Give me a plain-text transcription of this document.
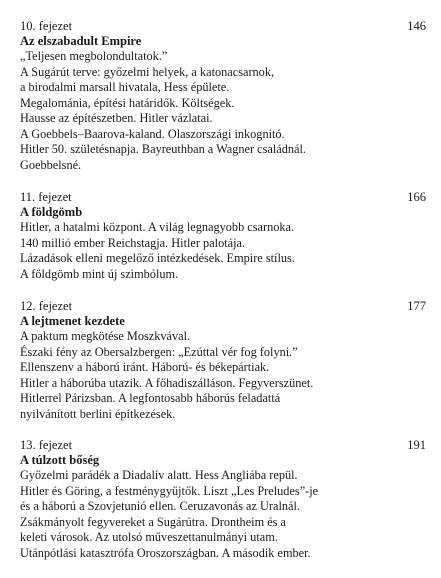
10. fejezet	146

Az elszabadult Empire

„Teljesen megbolondultatok.”

A Sugárút terve: győzelmi helyek, a katonacsarnok,

a birodalmi marsall hivatala, Hess épülete.

Megalománia, építési határidők. Költségek.

Hausse az építészetben. Hitler vázlatai.

A Goebbels–Baarova-kaland. Olaszországi inkognitó.

Hitler 50. születésnapja. Bayreuthban a Wagner családnál.

Goebbelsné.

11. fejezet	166

A földgömb

Hitler, a hatalmi központ. A világ legnagyobb csarnoka.

140 millió ember Reichstagja. Hitler palotája.

Lázadások elleni megelőző intézkedések. Empire stílus.

A földgömb mint új szimbólum.

12. fejezet	177

A lejtmenet kezdete

A paktum megkötése Moszkvával.

Északi fény az Obersalzbergen: „Ezúttal vér fog folyni.”

Ellenszenv a háború iránt. Háború- és békepártiak.

Hitler a háborúba utazik. A főhadiszálláson. Fegyverszünet.

Hitlerrel Párizsban. A legfontosabb háborús feladattá

nyilvánított berlini építkezések.

13. fejezet	191

A túlzott bőség

Győzelmi parádék a Diadalív alatt. Hess Angliába repül.

Hitler és Göring, a festménygyűjtők. Liszt „Les Preludes”-je

és a háború a Szovjetunió ellen. Ceruzavonás az Uralnál.

Zsákmányolt fegyvereket a Sugárútra. Drontheim és a

keleti városok. Az utolsó műveszettanulmányi utam.

Utánpótlási katasztrófa Oroszországban. A második ember.
